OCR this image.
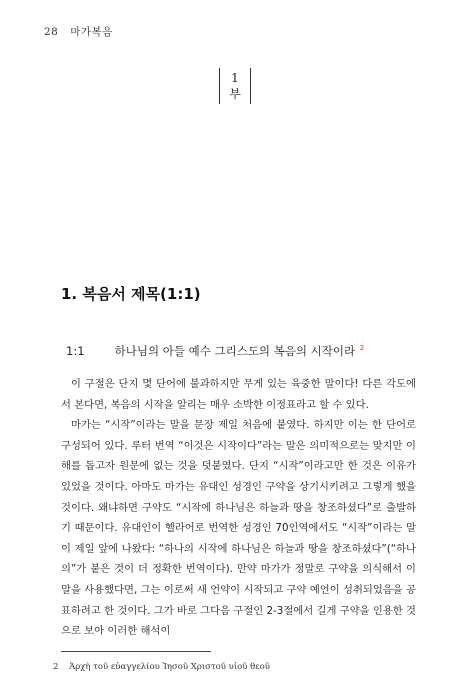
28 마가복음
1
부
1. 복음서 제목(1:1)
1:1	하나님의 아들 예수 그리스도의 복음의 시작이라 $^2$

이 구절은 단지 몇 단어에 불과하지만 무게 있는 육중한 말이다! 다른 각도에서 본다면, 복음의 시작을 알리는 매우 소박한 이정표라고 할 수 있다.

마가는 “시작”이라는 말을 문장 제일 처음에 붙였다. 하지만 이는 한 단어로 구성되어 있다. 루터 번역 “이것은 시작이다”라는 말은 의미적으로는 맞지만 이해를 돕고자 원문에 없는 것을 덧붙였다. 단지 “시작”이라고만 한 것은 이유가 있었을 것이다. 아마도 마가는 유대인 성경인 구약을 상기시키려고 그렇게 했을 것이다. 왜냐하면 구약도 “시작에 하나님은 하늘과 땅을 창조하셨다”로 출발하기 때문이다. 유대인이 헬라어로 번역한 성경인 70인역에서도 “시작”이라는 말이 제일 앞에 나왔다: “하나의 시작에 하나님은 하늘과 땅을 창조하셨다”(“하나의”가 붙은 것이 더 정확한 번역이다). 만약 마가가 정말로 구약을 의식해서 이 말을 사용했다면, 그는 이로써 새 언약이 시작되고 구약 예언이 성취되었음을 공표하려고 한 것이다. 그가 바로 그다음 구절인 2-3절에서 길게 구약을 인용한 것으로 보아 이러한 해석이

2 Ἀρχὴ τοῦ εὐαγγελίου Ἰησοῦ Χριστοῦ υἱοῦ θεοῦ
